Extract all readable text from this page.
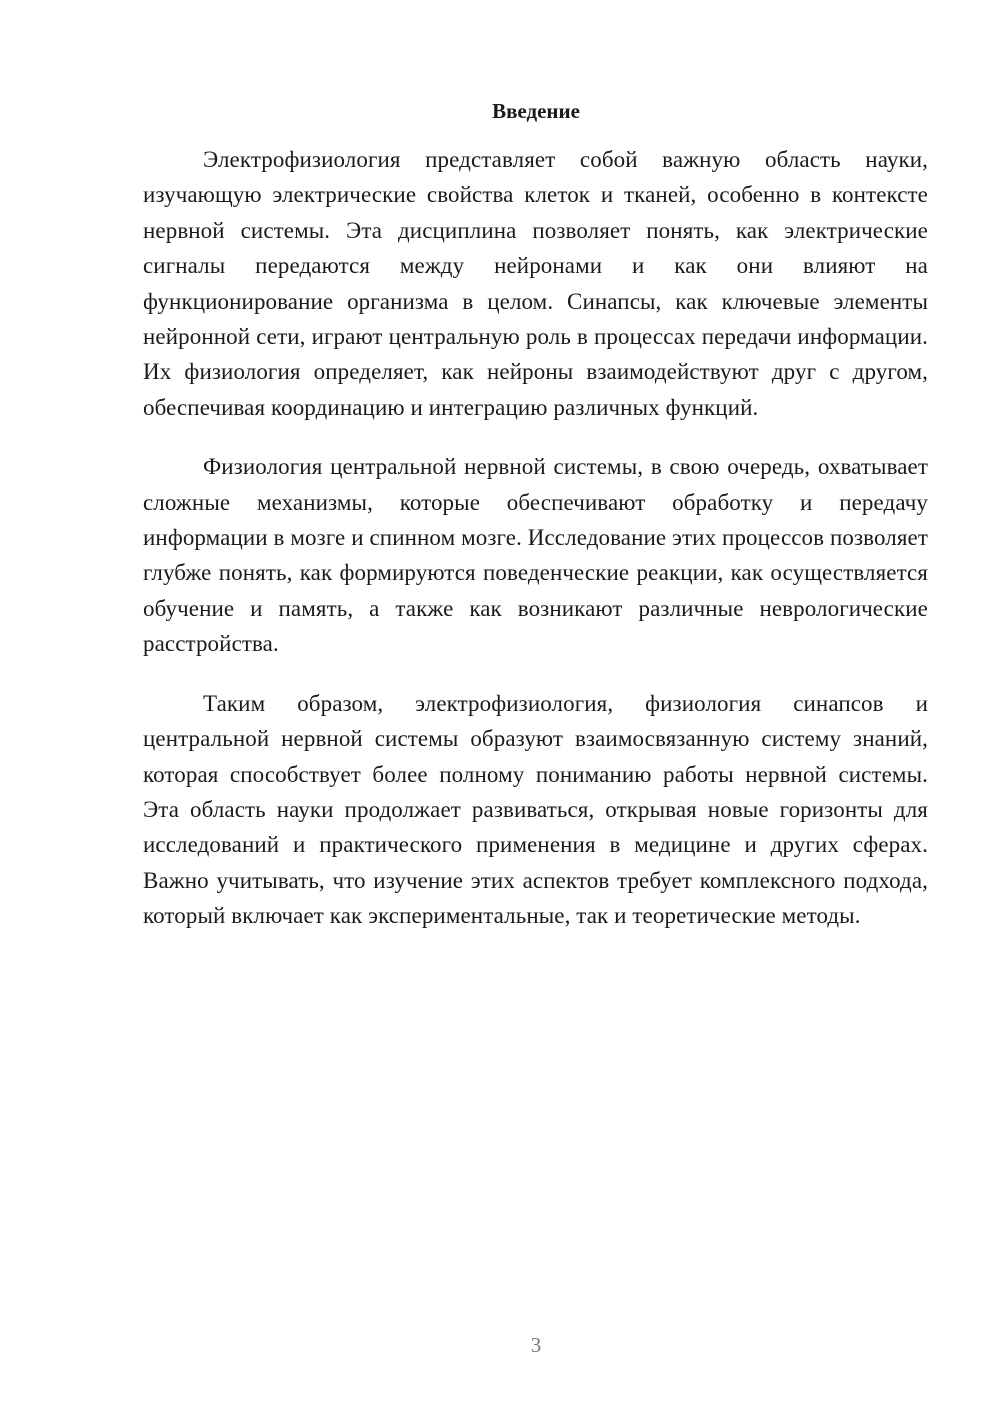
Введение

Электрофизиология представляет собой важную область науки, изучающую электрические свойства клеток и тканей, особенно в контексте нервной системы. Эта дисциплина позволяет понять, как электрические сигналы передаются между нейронами и как они влияют на функционирование организма в целом. Синапсы, как ключевые элементы нейронной сети, играют центральную роль в процессах передачи информации. Их физиология определяет, как нейроны взаимодействуют друг с другом, обеспечивая координацию и интеграцию различных функций.

Физиология центральной нервной системы, в свою очередь, охватывает сложные механизмы, которые обеспечивают обработку и передачу информации в мозге и спинном мозге. Исследование этих процессов позволяет глубже понять, как формируются поведенческие реакции, как осуществляется обучение и память, а также как возникают различные неврологические расстройства.

Таким образом, электрофизиология, физиология синапсов и центральной нервной системы образуют взаимосвязанную систему знаний, которая способствует более полному пониманию работы нервной системы. Эта область науки продолжает развиваться, открывая новые горизонты для исследований и практического применения в медицине и других сферах. Важно учитывать, что изучение этих аспектов требует комплексного подхода, который включает как экспериментальные, так и теоретические методы.

3
